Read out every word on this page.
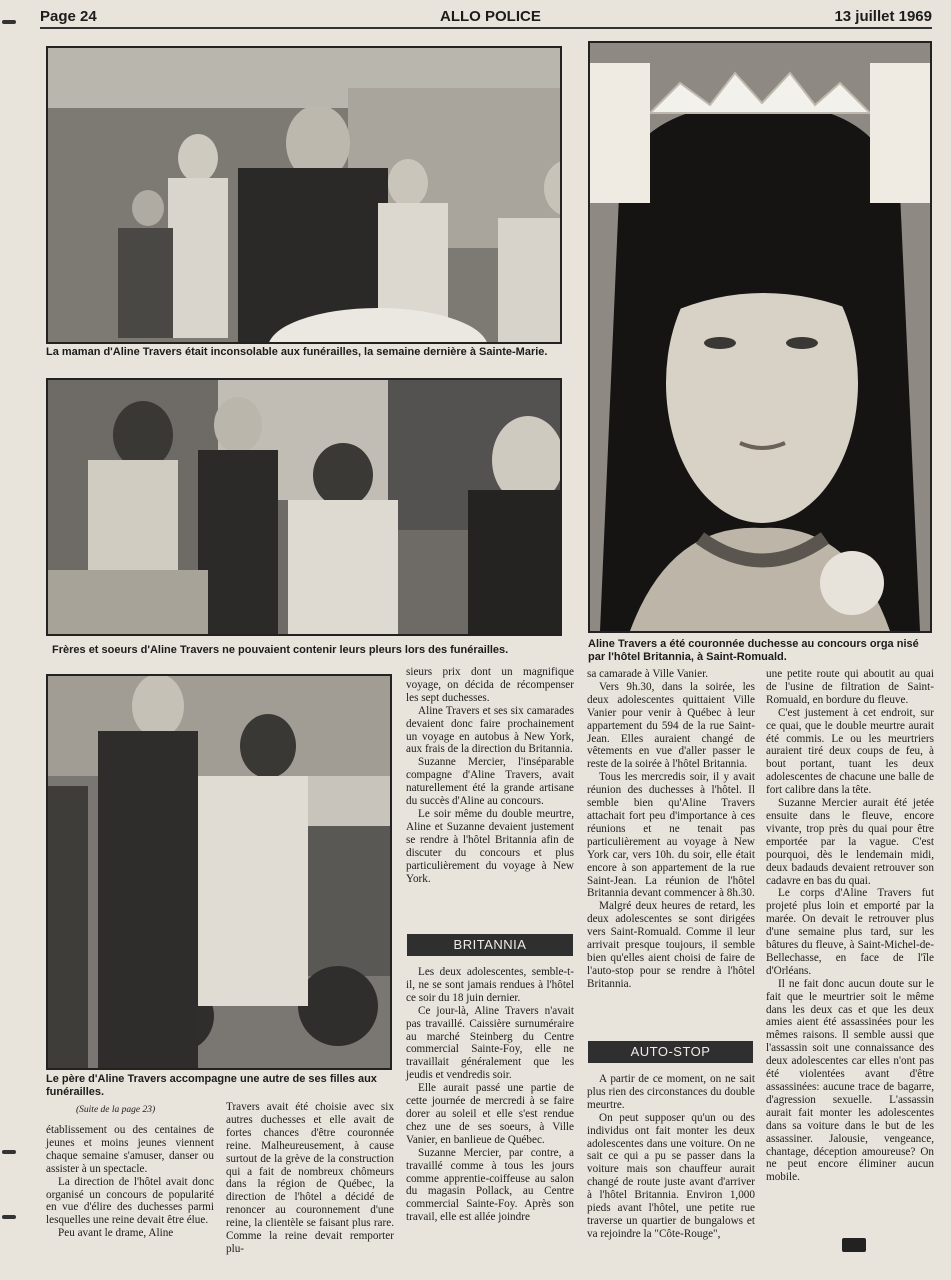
Page 24	ALLO POLICE	13 juillet 1969
La maman d'Aline Travers était inconsolable aux funérailles, la semaine dernière à Sainte-Marie.
Frères et soeurs d'Aline Travers ne pouvaient contenir leurs pleurs lors des funérailles.	Aline Travers a été couronnée duchesse au concours orga nisé par l'hôtel Britannia, à Saint-Romuald.
Le père d'Aline Travers accompagne une autre de ses filles aux funérailles.
(Suite de la page 23)

établissement ou des centaines de jeunes et moins jeunes viennent chaque semaine s'amuser, danser ou assister à un spectacle.

La direction de l'hôtel avait donc organisé un concours de popularité en vue d'élire des duchesses parmi lesquelles une reine devait être élue.

Peu avant le drame, Aline

Travers avait été choisie avec six autres duchesses et elle avait de fortes chances d'être couronnée reine. Malheureusement, à cause surtout de la grève de la construction qui a fait de nombreux chômeurs dans la région de Québec, la direction de l'hôtel a décidé de renoncer au couronnement d'une reine, la clientèle se faisant plus rare. Comme la reine devait remporter plu-

sieurs prix dont un magnifique voyage, on décida de récompenser les sept duchesses.

Aline Travers et ses six camarades devaient donc faire prochainement un voyage en autobus à New York, aux frais de la direction du Britannia.

Suzanne Mercier, l'inséparable compagne d'Aline Travers, avait naturellement été la grande artisane du succès d'Aline au concours.

Le soir même du double meurtre, Aline et Suzanne devaient justement se rendre à l'hôtel Britannia afin de discuter du concours et plus particulièrement du voyage à New York.

BRITANNIA

Les deux adolescentes, semble-t-il, ne se sont jamais rendues à l'hôtel ce soir du 18 juin dernier.

Ce jour-là, Aline Travers n'avait pas travaillé. Caissière surnuméraire au marché Steinberg du Centre commercial Sainte-Foy, elle ne travaillait généralement que les jeudis et vendredis soir.

Elle aurait passé une partie de cette journée de mercredi à se faire dorer au soleil et elle s'est rendue chez une de ses soeurs, à Ville Vanier, en banlieue de Québec.

Suzanne Mercier, par contre, a travaillé comme à tous les jours comme apprentie-coiffeuse au salon du magasin Pollack, au Centre commercial Sainte-Foy. Après son travail, elle est allée joindre

sa camarade à Ville Vanier.

Vers 9h.30, dans la soirée, les deux adolescentes quittaient Ville Vanier pour venir à Québec à leur appartement du 594 de la rue Saint-Jean. Elles auraient changé de vêtements en vue d'aller passer le reste de la soirée à l'hôtel Britannia.

Tous les mercredis soir, il y avait réunion des duchesses à l'hôtel. Il semble bien qu'Aline Travers attachait fort peu d'importance à ces réunions et ne tenait pas particulièrement au voyage à New York car, vers 10h. du soir, elle était encore à son appartement de la rue Saint-Jean. La réunion de l'hôtel Britannia devant commencer à 8h.30.

Malgré deux heures de retard, les deux adolescentes se sont dirigées vers Saint-Romuald. Comme il leur arrivait presque toujours, il semble bien qu'elles aient choisi de faire de l'auto-stop pour se rendre à l'hôtel Britannia.

AUTO-STOP

A partir de ce moment, on ne sait plus rien des circonstances du double meurtre.

On peut supposer qu'un ou des individus ont fait monter les deux adolescentes dans une voiture. On ne sait ce qui a pu se passer dans la voiture mais son chauffeur aurait changé de route juste avant d'arriver à l'hôtel Britannia. Environ 1,000 pieds avant l'hôtel, une petite rue traverse un quartier de bungalows et va rejoindre la "Côte-Rouge",

une petite route qui aboutit au quai de l'usine de filtration de Saint-Romuald, en bordure du fleuve.

C'est justement à cet endroit, sur ce quai, que le double meurtre aurait été commis. Le ou les meurtriers auraient tiré deux coups de feu, à bout portant, tuant les deux adolescentes de chacune une balle de fort calibre dans la tête.

Suzanne Mercier aurait été jetée ensuite dans le fleuve, encore vivante, trop près du quai pour être emportée par la vague. C'est pourquoi, dès le lendemain midi, deux badauds devaient retrouver son cadavre en bas du quai.

Le corps d'Aline Travers fut projeté plus loin et emporté par la marée. On devait le retrouver plus d'une semaine plus tard, sur les bâtures du fleuve, à Saint-Michel-de-Bellechasse, en face de l'île d'Orléans.

Il ne fait donc aucun doute sur le fait que le meurtrier soit le même dans les deux cas et que les deux amies aient été assassinées pour les mêmes raisons. Il semble aussi que l'assassin soit une connaissance des deux adolescentes car elles n'ont pas été violentées avant d'être assassinées: aucune trace de bagarre, d'agression sexuelle. L'assassin aurait fait monter les adolescentes dans sa voiture dans le but de les assassiner. Jalousie, vengeance, chantage, déception amoureuse? On ne peut encore éliminer aucun mobile.
